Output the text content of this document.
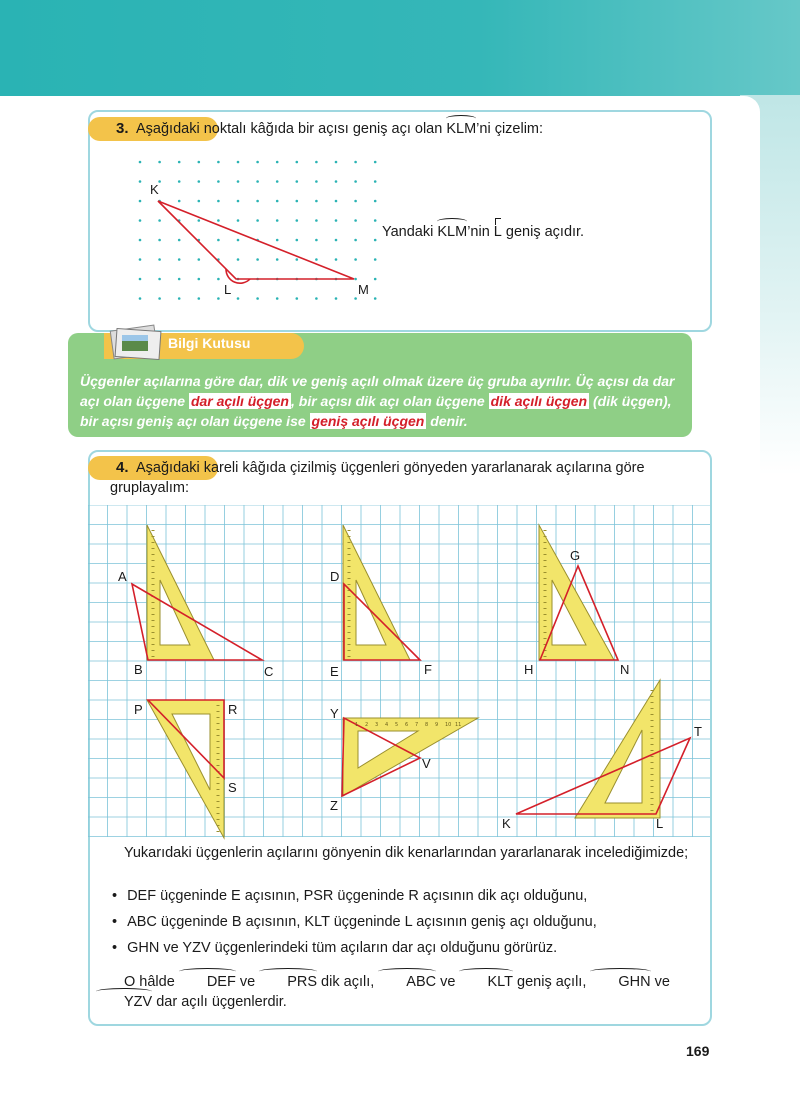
3. Aşağıdaki noktalı kâğıda bir açısı geniş açı olan KLM’ni çizelim:
K
L	M
Yandaki KLM’nin L geniş açıdır.
Bilgi Kutusu
Üçgenler açılarına göre dar, dik ve geniş açılı olmak üzere üç gruba ayrılır. Üç açısı da dar açı olan üçgene dar açılı üçgen , bir açısı dik açı olan üçgene dik açılı üçgen (dik üçgen), bir açısı geniş açı olan üçgene ise geniş açılı üçgen denir.
4. Aşağıdaki kareli kâğıda çizilmiş üçgenleri gönyeden yararlanarak açılarına göre gruplayalım:
1 2 3 4 5 6 7 8 9 10 11
A
B	C
D
E	F
G
H	N
P	R
S
Y
Z
V
K	L
T
Yukarıdaki üçgenlerin açılarını gönyenin dik kenarlarından yararlanarak incelediğimizde;
• DEF üçgeninde E açısının, PSR üçgeninde R açısının dik açı olduğunu,
• ABC üçgeninde B açısının, KLT üçgeninde L açısının geniş açı olduğunu,
• GHN ve YZV üçgenlerindeki tüm açıların dar açı olduğunu görürüz.
O hâlde DEF ve PRS dik açılı, ABC ve KLT geniş açılı, GHN ve YZV dar açılı üçgenlerdir.
169
